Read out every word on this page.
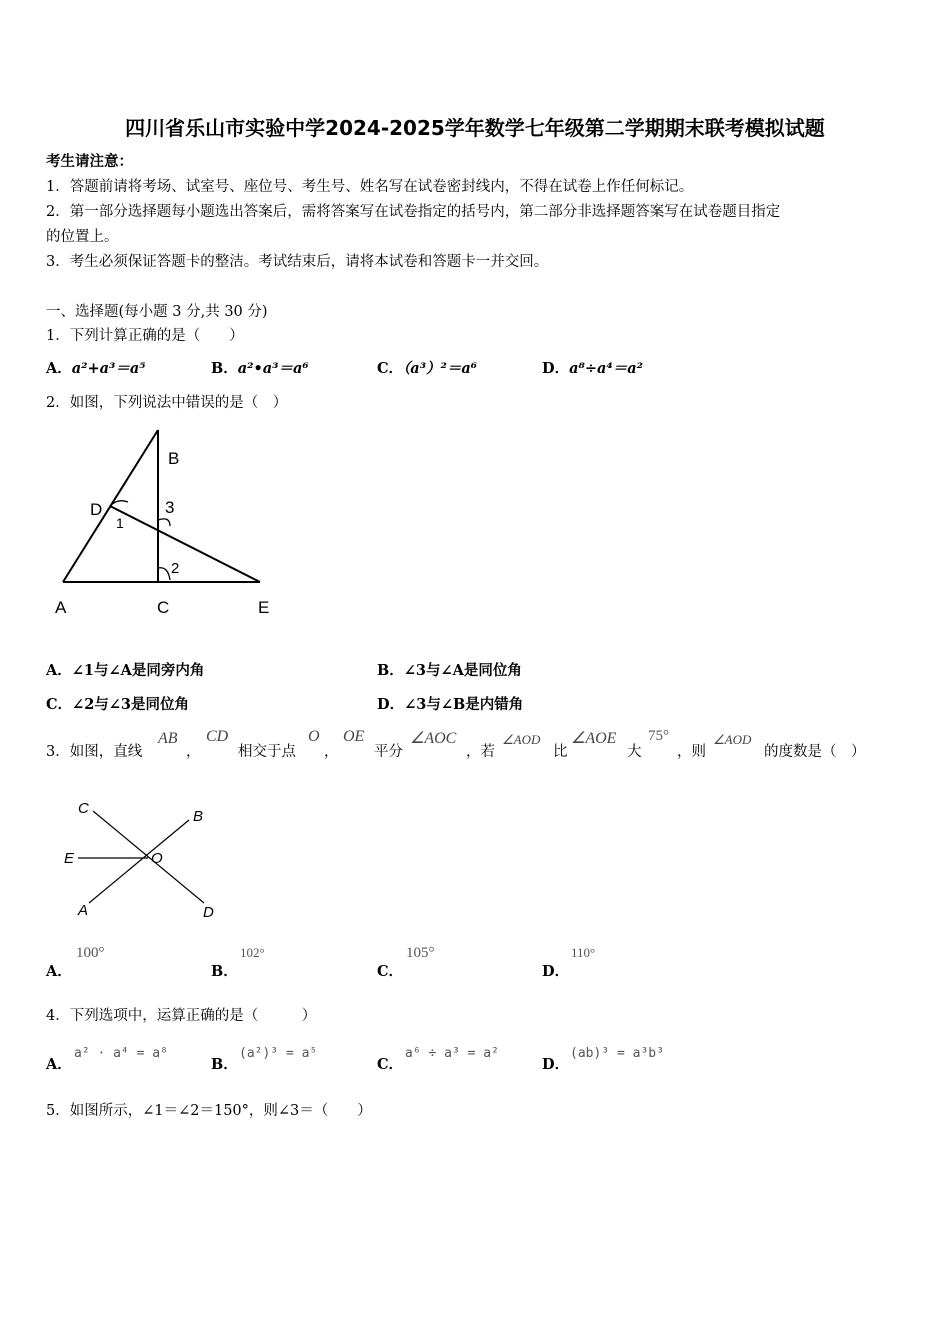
四川省乐山市实验中学2024-2025学年数学七年级第二学期期末联考模拟试题
考生请注意：
1．答题前请将考场、试室号、座位号、考生号、姓名写在试卷密封线内，不得在试卷上作任何标记。
2．第一部分选择题每小题选出答案后，需将答案写在试卷指定的括号内，第二部分非选择题答案写在试卷题目指定
的位置上。
3．考生必须保证答题卡的整洁。考试结束后，请将本试卷和答题卡一并交回。
一、选择题(每小题 3 分,共 30 分)
1．下列计算正确的是（　　）
A．a²+a³＝a⁵	B．a²•a³＝a⁶	C．（a³）²＝a⁶	D．a⁸÷a⁴＝a²
2．如图，下列说法中错误的是（　）
B
D
1
3
2
A	C	E
A．∠1与∠A是同旁内角	B．∠3与∠A是同位角
C．∠2与∠3是同位角	D．∠3与∠B是内错角
3．如图，直线
AB
，
CD
相交于点
O
，
OE
平分
∠AOC
，若
∠AOD
比
∠AOE
大
75°
，则
∠AOD
的度数是（　）
C	B
E	O
A	D
A．
100°
B．
102°
C．
105°
D．
110°
4．下列选项中，运算正确的是（　　　）
A．
a² · a⁴ = a⁸
B．
(a²)³ = a⁵
C．
a⁶ ÷ a³ = a²
D．
(ab)³ = a³b³
5．如图所示，∠1＝∠2＝150°，则∠3＝（　　）
